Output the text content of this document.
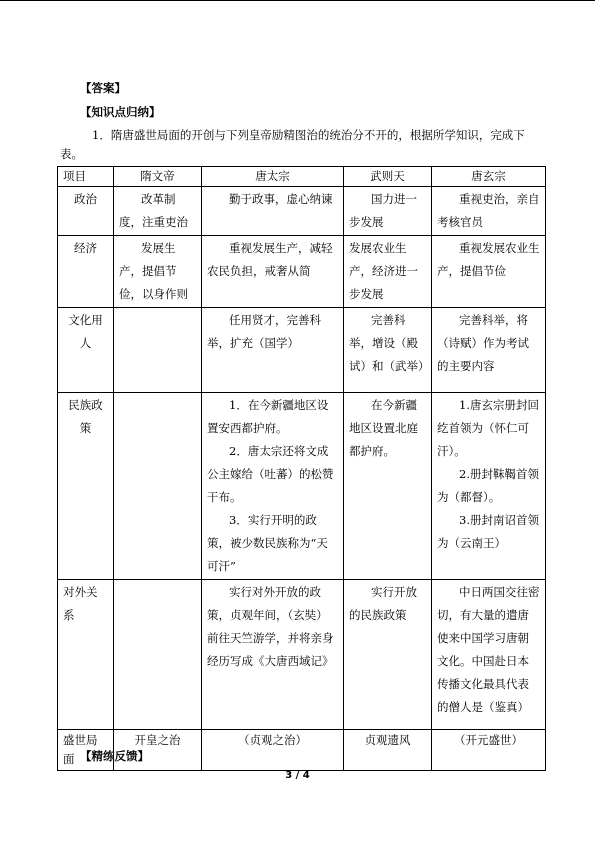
【答案】
【知识点归纳】
1．隋唐盛世局面的开创与下列皇帝励精图治的统治分不开的，根据所学知识，完成下表。
项目	隋文帝	唐太宗	武则天	唐玄宗
政治	改革制度，注重吏治	勤于政事，虚心纳谏	国力进一步发展	重视吏治，亲自考核官员

经济	发展生产，提倡节俭，以身作则	重视发展生产，减轻农民负担，戒奢从简	发展农业生产，经济进一步发展	重视发展农业生产，提倡节俭

文化用人		任用贤才，完善科举，扩充（国学）	完善科举，增设（殿试）和（武举）	完善科举，将（诗赋）作为考试的主要内容

民族政策		1．在今新疆地区设置安西都护府。
2．唐太宗还将文成公主嫁给（吐蕃）的松赞干布。
3．实行开明的政策，被少数民族称为“天可汗”	在今新疆地区设置北庭都护府。	1.唐玄宗册封回纥首领为（怀仁可汗）。
2.册封靺鞨首领为（都督）。
3.册封南诏首领为（云南王）

对外关系		实行对外开放的政策，贞观年间，（玄奘）前往天竺游学，并将亲身经历写成《大唐西域记》	实行开放的民族政策	中日两国交往密切，有大量的遣唐使来中国学习唐朝文化。中国赴日本传播文化最具代表的僧人是（鉴真）

盛世局面	开皇之治	（贞观之治）	贞观遗风	（开元盛世）
【精练反馈】
3 / 4
